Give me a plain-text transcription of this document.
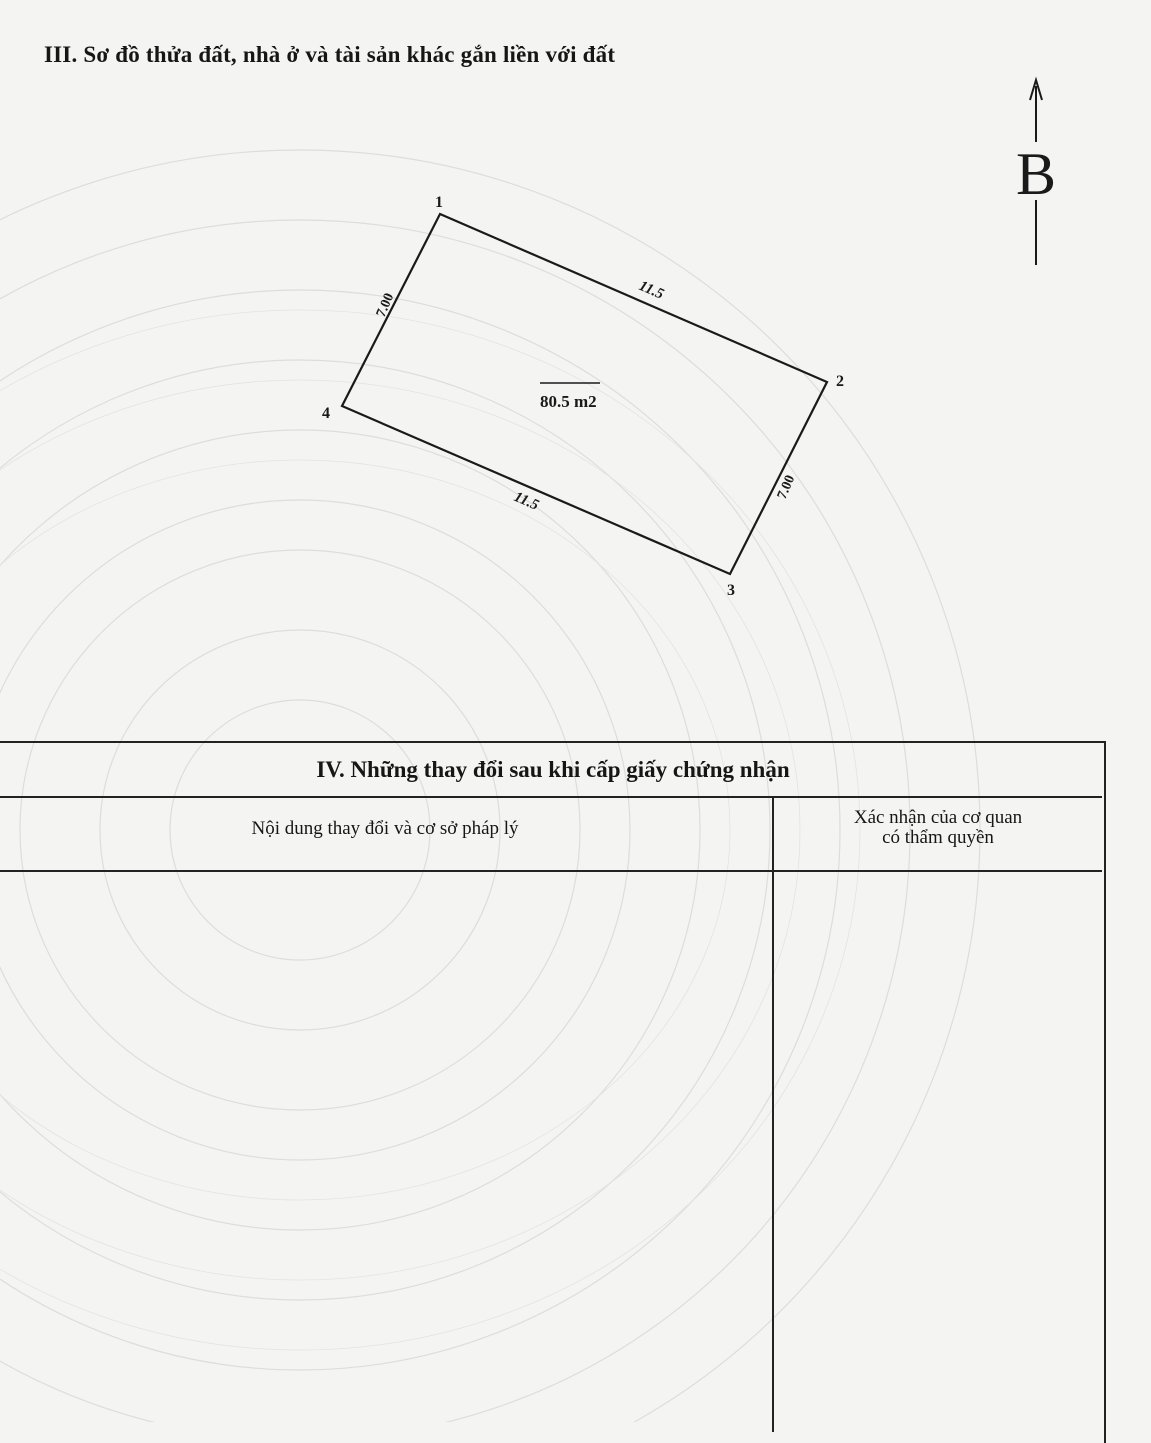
III. Sơ đồ thửa đất, nhà ở và tài sản khác gắn liền với đất
1
2
3
4
11.5
7.00
11.5
7.00
80.5 m2
B
IV. Những thay đổi sau khi cấp giấy chứng nhận
Nội dung thay đổi và cơ sở pháp lý
Xác nhận của cơ quan
có thẩm quyền
